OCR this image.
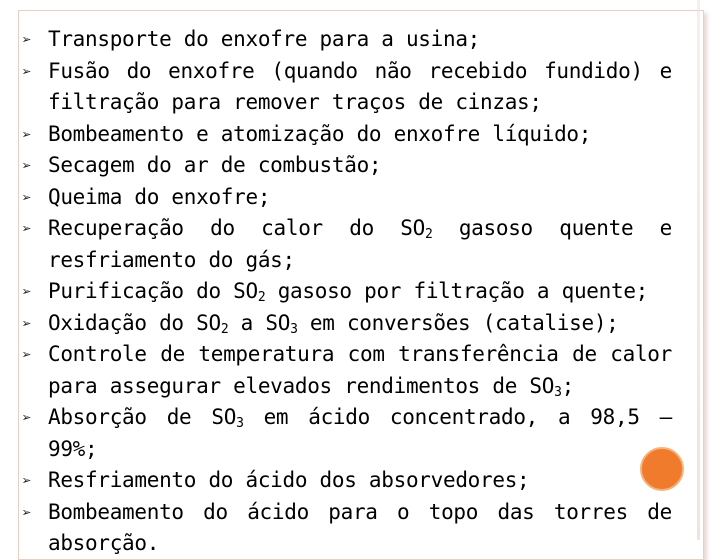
➢ Transporte do enxofre para a usina;
➢ Fusão do enxofre (quando não recebido fundido) e
filtração para remover traços de cinzas;
➢ Bombeamento e atomização do enxofre líquido;
➢ Secagem do ar de combustão;
➢ Queima do enxofre;
➢ Recuperação do calor do $SO_2$ gasoso quente e
resfriamento do gás;
➢ Purificação do $SO_2$ gasoso por filtração a quente;
➢ Oxidação do $SO_2$ a $SO_3$ em conversões (catalise);
➢ Controle de temperatura com transferência de calor
para assegurar elevados rendimentos de $SO_3$;
➢ Absorção de $SO_3$ em ácido concentrado, a 98,5 – 99%;
➢ Resfriamento do ácido dos absorvedores;
➢ Bombeamento do ácido para o topo das torres de
absorção.
